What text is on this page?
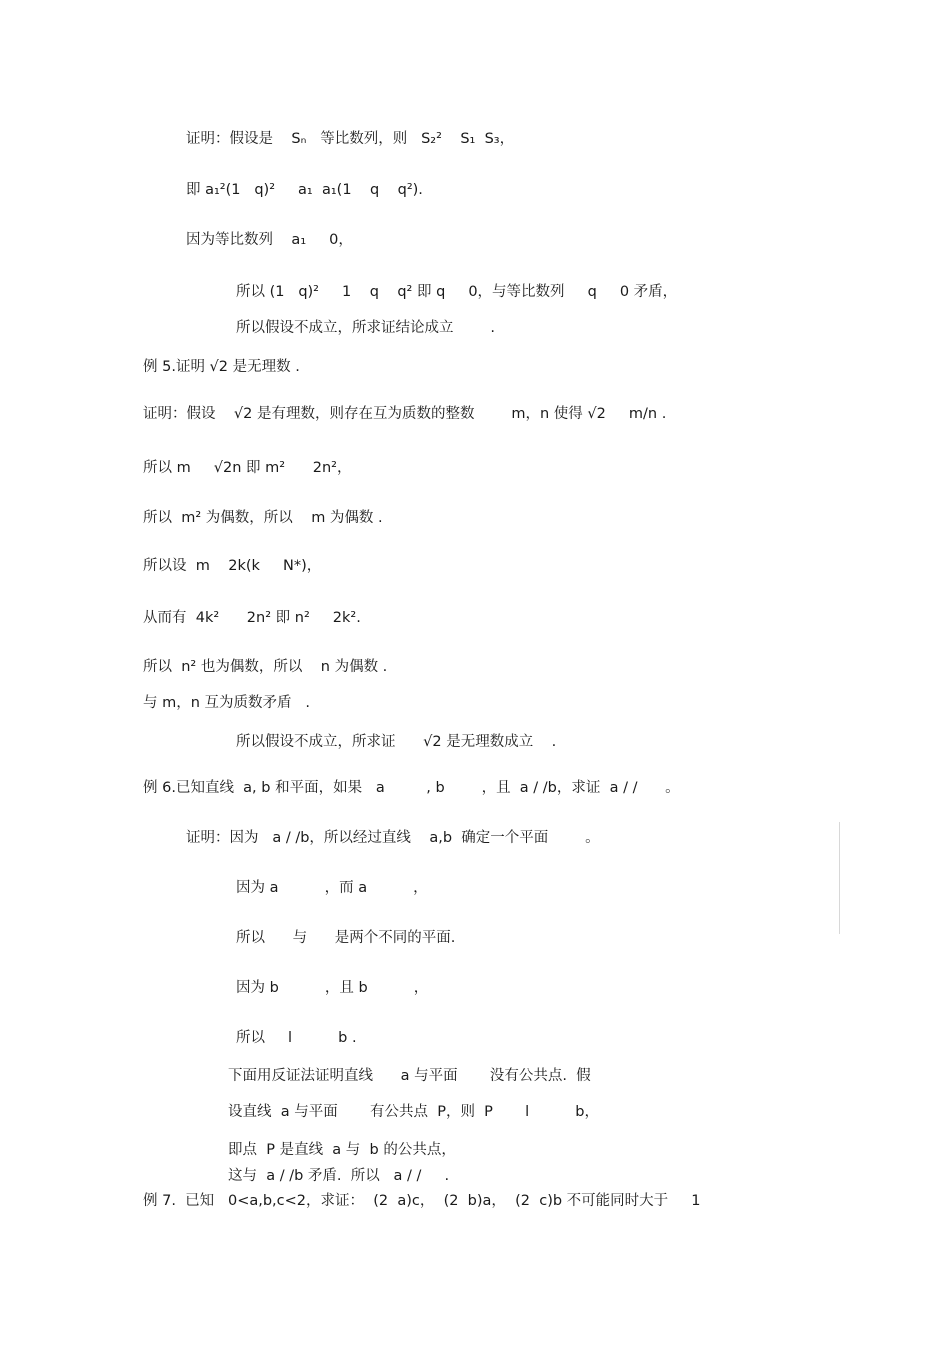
证明：假设是    Sₙ   等比数列，则   S₂²    S₁  S₃，
即 a₁²(1   q)²     a₁  a₁(1    q    q²).
因为等比数列    a₁     0，
所以 (1   q)²     1    q    q² 即 q     0，与等比数列     q     0 矛盾，
所以假设不成立，所求证结论成立        .
例 5.证明 √2 是无理数 .
证明：假设    √2 是有理数，则存在互为质数的整数        m，n 使得 √2     m/n .
所以 m     √2n 即 m²      2n²，
所以  m² 为偶数，所以    m 为偶数 .
所以设  m    2k(k     N*)，
从而有  4k²      2n² 即 n²     2k².
所以  n² 也为偶数，所以    n 为偶数 .
与 m，n 互为质数矛盾   .
所以假设不成立，所求证      √2 是无理数成立    .
例 6.已知直线  a, b 和平面，如果   a         , b        ，且  a / /b，求证  a / /      。
证明：因为   a / /b，所以经过直线    a,b  确定一个平面        。
因为 a          ，而 a          ，
所以      与      是两个不同的平面.
因为 b          ，且 b          ，
所以     l          b .
下面用反证法证明直线      a 与平面       没有公共点.  假
设直线  a 与平面       有公共点  P，则  P       l          b，
即点  P 是直线  a 与  b 的公共点，
这与  a / /b 矛盾.  所以   a / /     .
例 7.  已知   0<a,b,c<2，求证：  (2  a)c，  (2  b)a，  (2  c)b 不可能同时大于     1
